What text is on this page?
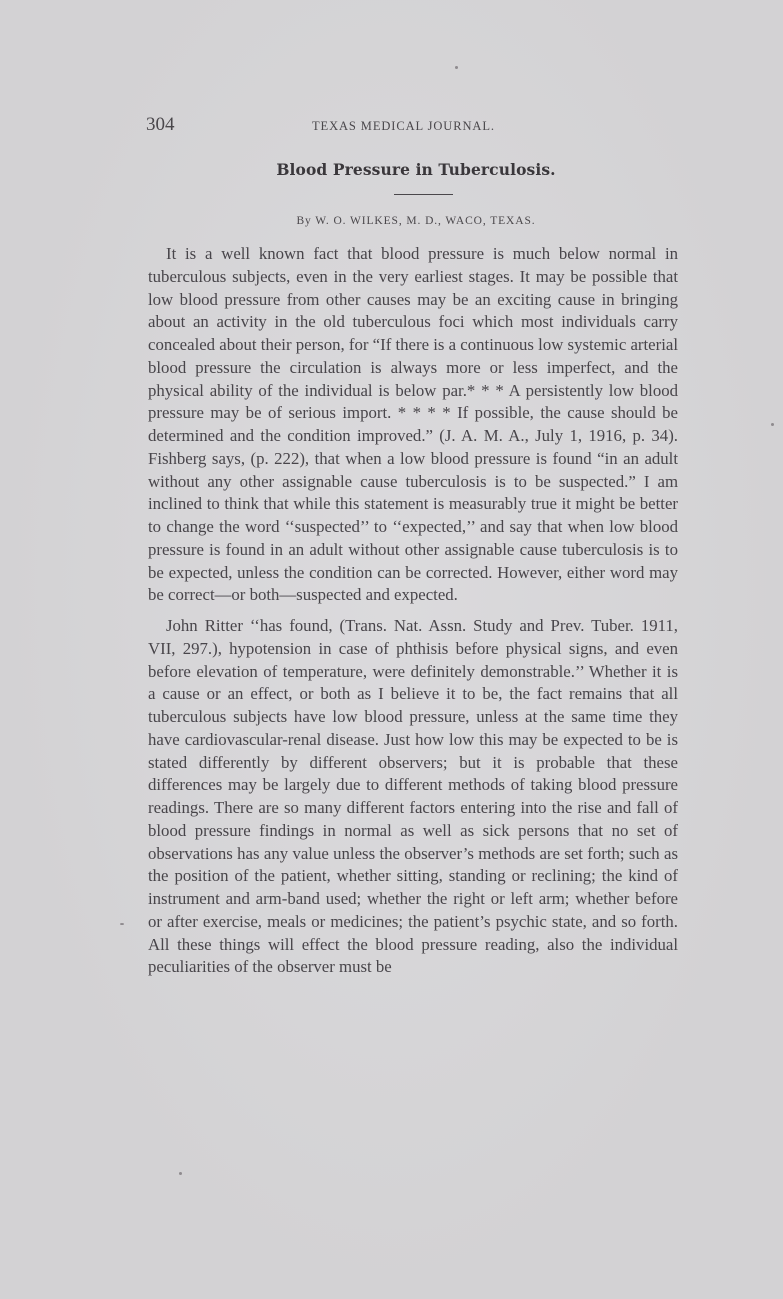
304	TEXAS MEDICAL JOURNAL.
Blood Pressure in Tuberculosis.
By W. O. WILKES, M. D., WACO, TEXAS.

It is a well known fact that blood pressure is much below normal in tuberculous subjects, even in the very earliest stages. It may be possible that low blood pressure from other causes may be an exciting cause in bringing about an activity in the old tuberculous foci which most individuals carry concealed about their person, for “If there is a continuous low systemic arterial blood pressure the circulation is always more or less imperfect, and the physical ability of the individual is below par.* * * A persistently low blood pressure may be of serious import. * * * * If possible, the cause should be determined and the condition improved.” (J. A. M. A., July 1, 1916, p. 34). Fishberg says, (p. 222), that when a low blood pressure is found “in an adult without any other assignable cause tuberculosis is to be suspected.” I am inclined to think that while this statement is measurably true it might be better to change the word ‘‘suspected’’ to ‘‘expected,’’ and say that when low blood pressure is found in an adult without other assignable cause tuberculosis is to be expected, unless the condition can be corrected. However, either word may be correct—or both—suspected and expected.

John Ritter ‘‘has found, (Trans. Nat. Assn. Study and Prev. Tuber. 1911, VII, 297.), hypotension in case of phthisis before physical signs, and even before elevation of temperature, were definitely demonstrable.’’ Whether it is a cause or an effect, or both as I believe it to be, the fact remains that all tuberculous subjects have low blood pressure, unless at the same time they have cardiovascular-renal disease. Just how low this may be expected to be is stated differently by different observers; but it is probable that these differences may be largely due to different methods of taking blood pressure readings. There are so many different factors entering into the rise and fall of blood pressure findings in normal as well as sick persons that no set of observations has any value unless the observer’s methods are set forth; such as the position of the patient, whether sitting, standing or reclining; the kind of instrument and arm-band used; whether the right or left arm; whether before or after exercise, meals or medicines; the patient’s psychic state, and so forth. All these things will effect the blood pressure reading, also the individual peculiarities of the observer must be
